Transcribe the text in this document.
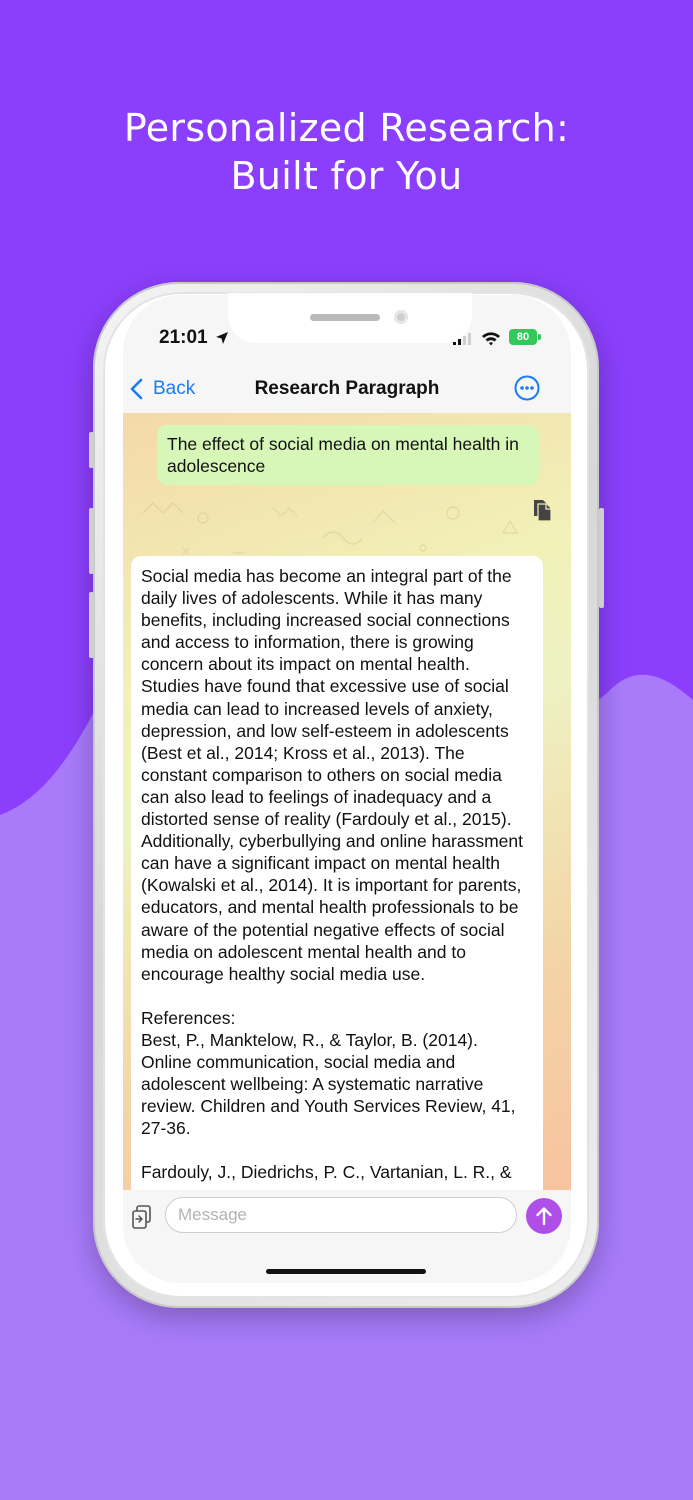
Personalized Research:
Built for You
21:01	80
Back	Research Paragraph
The effect of social media on mental health in adolescence

Social media has become an integral part of the daily lives of adolescents. While it has many benefits, including increased social connections and access to information, there is growing concern about its impact on mental health. Studies have found that excessive use of social media can lead to increased levels of anxiety, depression, and low self-esteem in adolescents (Best et al., 2014; Kross et al., 2013). The constant comparison to others on social media can also lead to feelings of inadequacy and a distorted sense of reality (Fardouly et al., 2015). Additionally, cyberbullying and online harassment can have a significant impact on mental health (Kowalski et al., 2014). It is important for parents, educators, and mental health professionals to be aware of the potential negative effects of social media on adolescent mental health and to encourage healthy social media use.

References:
Best, P., Manktelow, R., & Taylor, B. (2014). Online communication, social media and adolescent wellbeing: A systematic narrative review. Children and Youth Services Review, 41, 27-36.
Fardouly, J., Diedrichs, P. C., Vartanian, L. R., &
Message
